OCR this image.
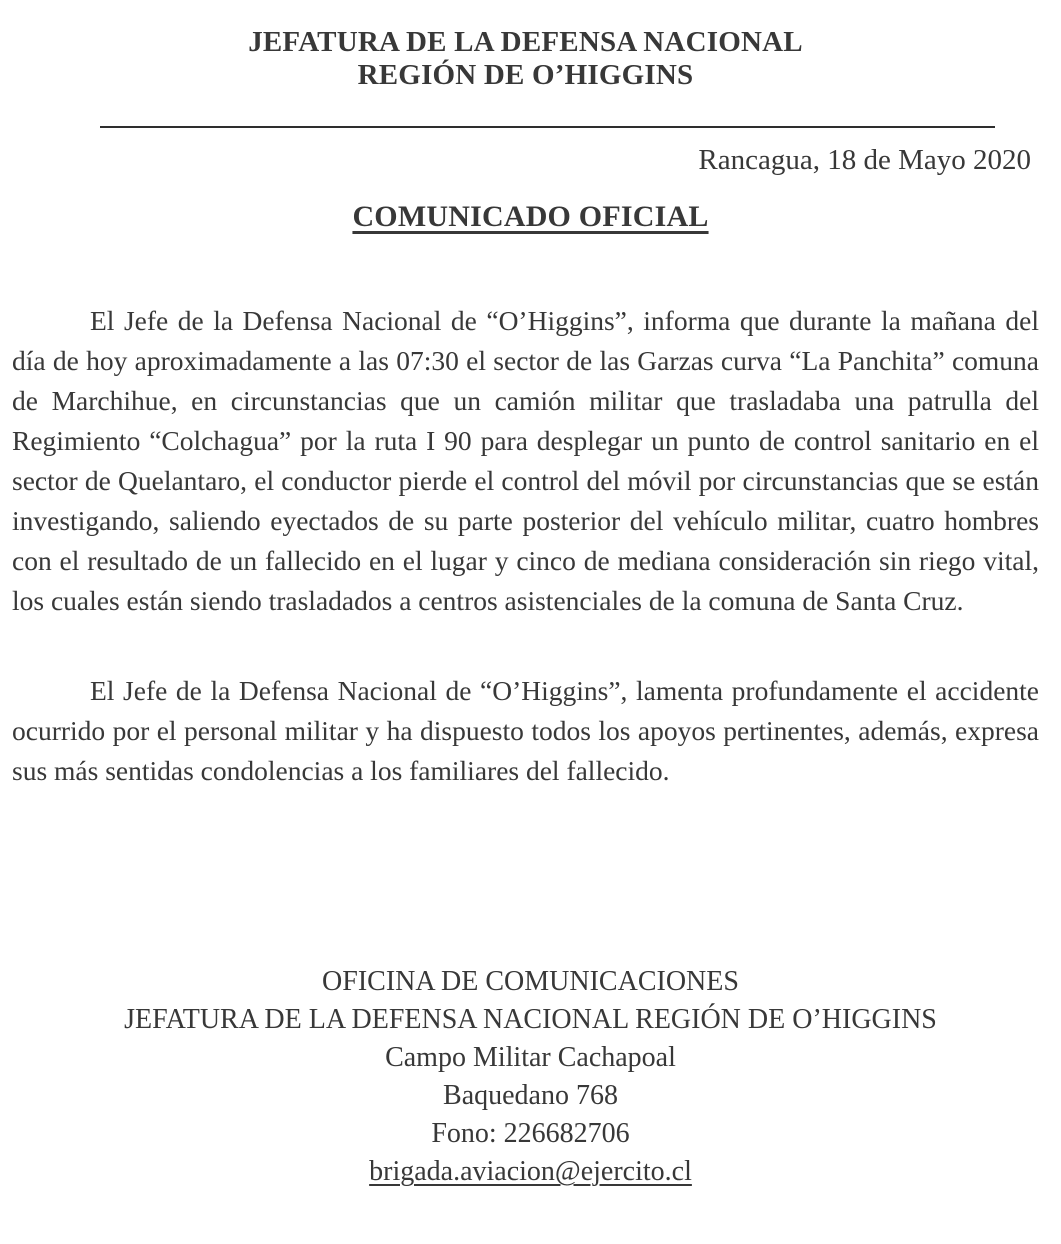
JEFATURA DE LA DEFENSA NACIONAL
REGIÓN DE O’HIGGINS
Rancagua, 18 de Mayo 2020
COMUNICADO OFICIAL

El Jefe de la Defensa Nacional de “O’Higgins”, informa que durante la mañana del día de hoy aproximadamente a las 07:30 el sector de las Garzas curva “La Panchita” comuna de Marchihue, en circunstancias que un camión militar que trasladaba una patrulla del Regimiento “Colchagua” por la ruta I 90 para desplegar un punto de control sanitario en el sector de Quelantaro, el conductor pierde el control del móvil por circunstancias que se están investigando, saliendo eyectados de su parte posterior del vehículo militar, cuatro hombres con el resultado de un fallecido en el lugar y cinco de mediana consideración sin riego vital, los cuales están siendo trasladados a centros asistenciales de la comuna de Santa Cruz.

El Jefe de la Defensa Nacional de “O’Higgins”, lamenta profundamente el accidente ocurrido por el personal militar y ha dispuesto todos los apoyos pertinentes, además, expresa sus más sentidas condolencias a los familiares del fallecido.

OFICINA DE COMUNICACIONES
JEFATURA DE LA DEFENSA NACIONAL REGIÓN DE O’HIGGINS
Campo Militar Cachapoal
Baquedano 768
Fono: 226682706
brigada.aviacion@ejercito.cl
